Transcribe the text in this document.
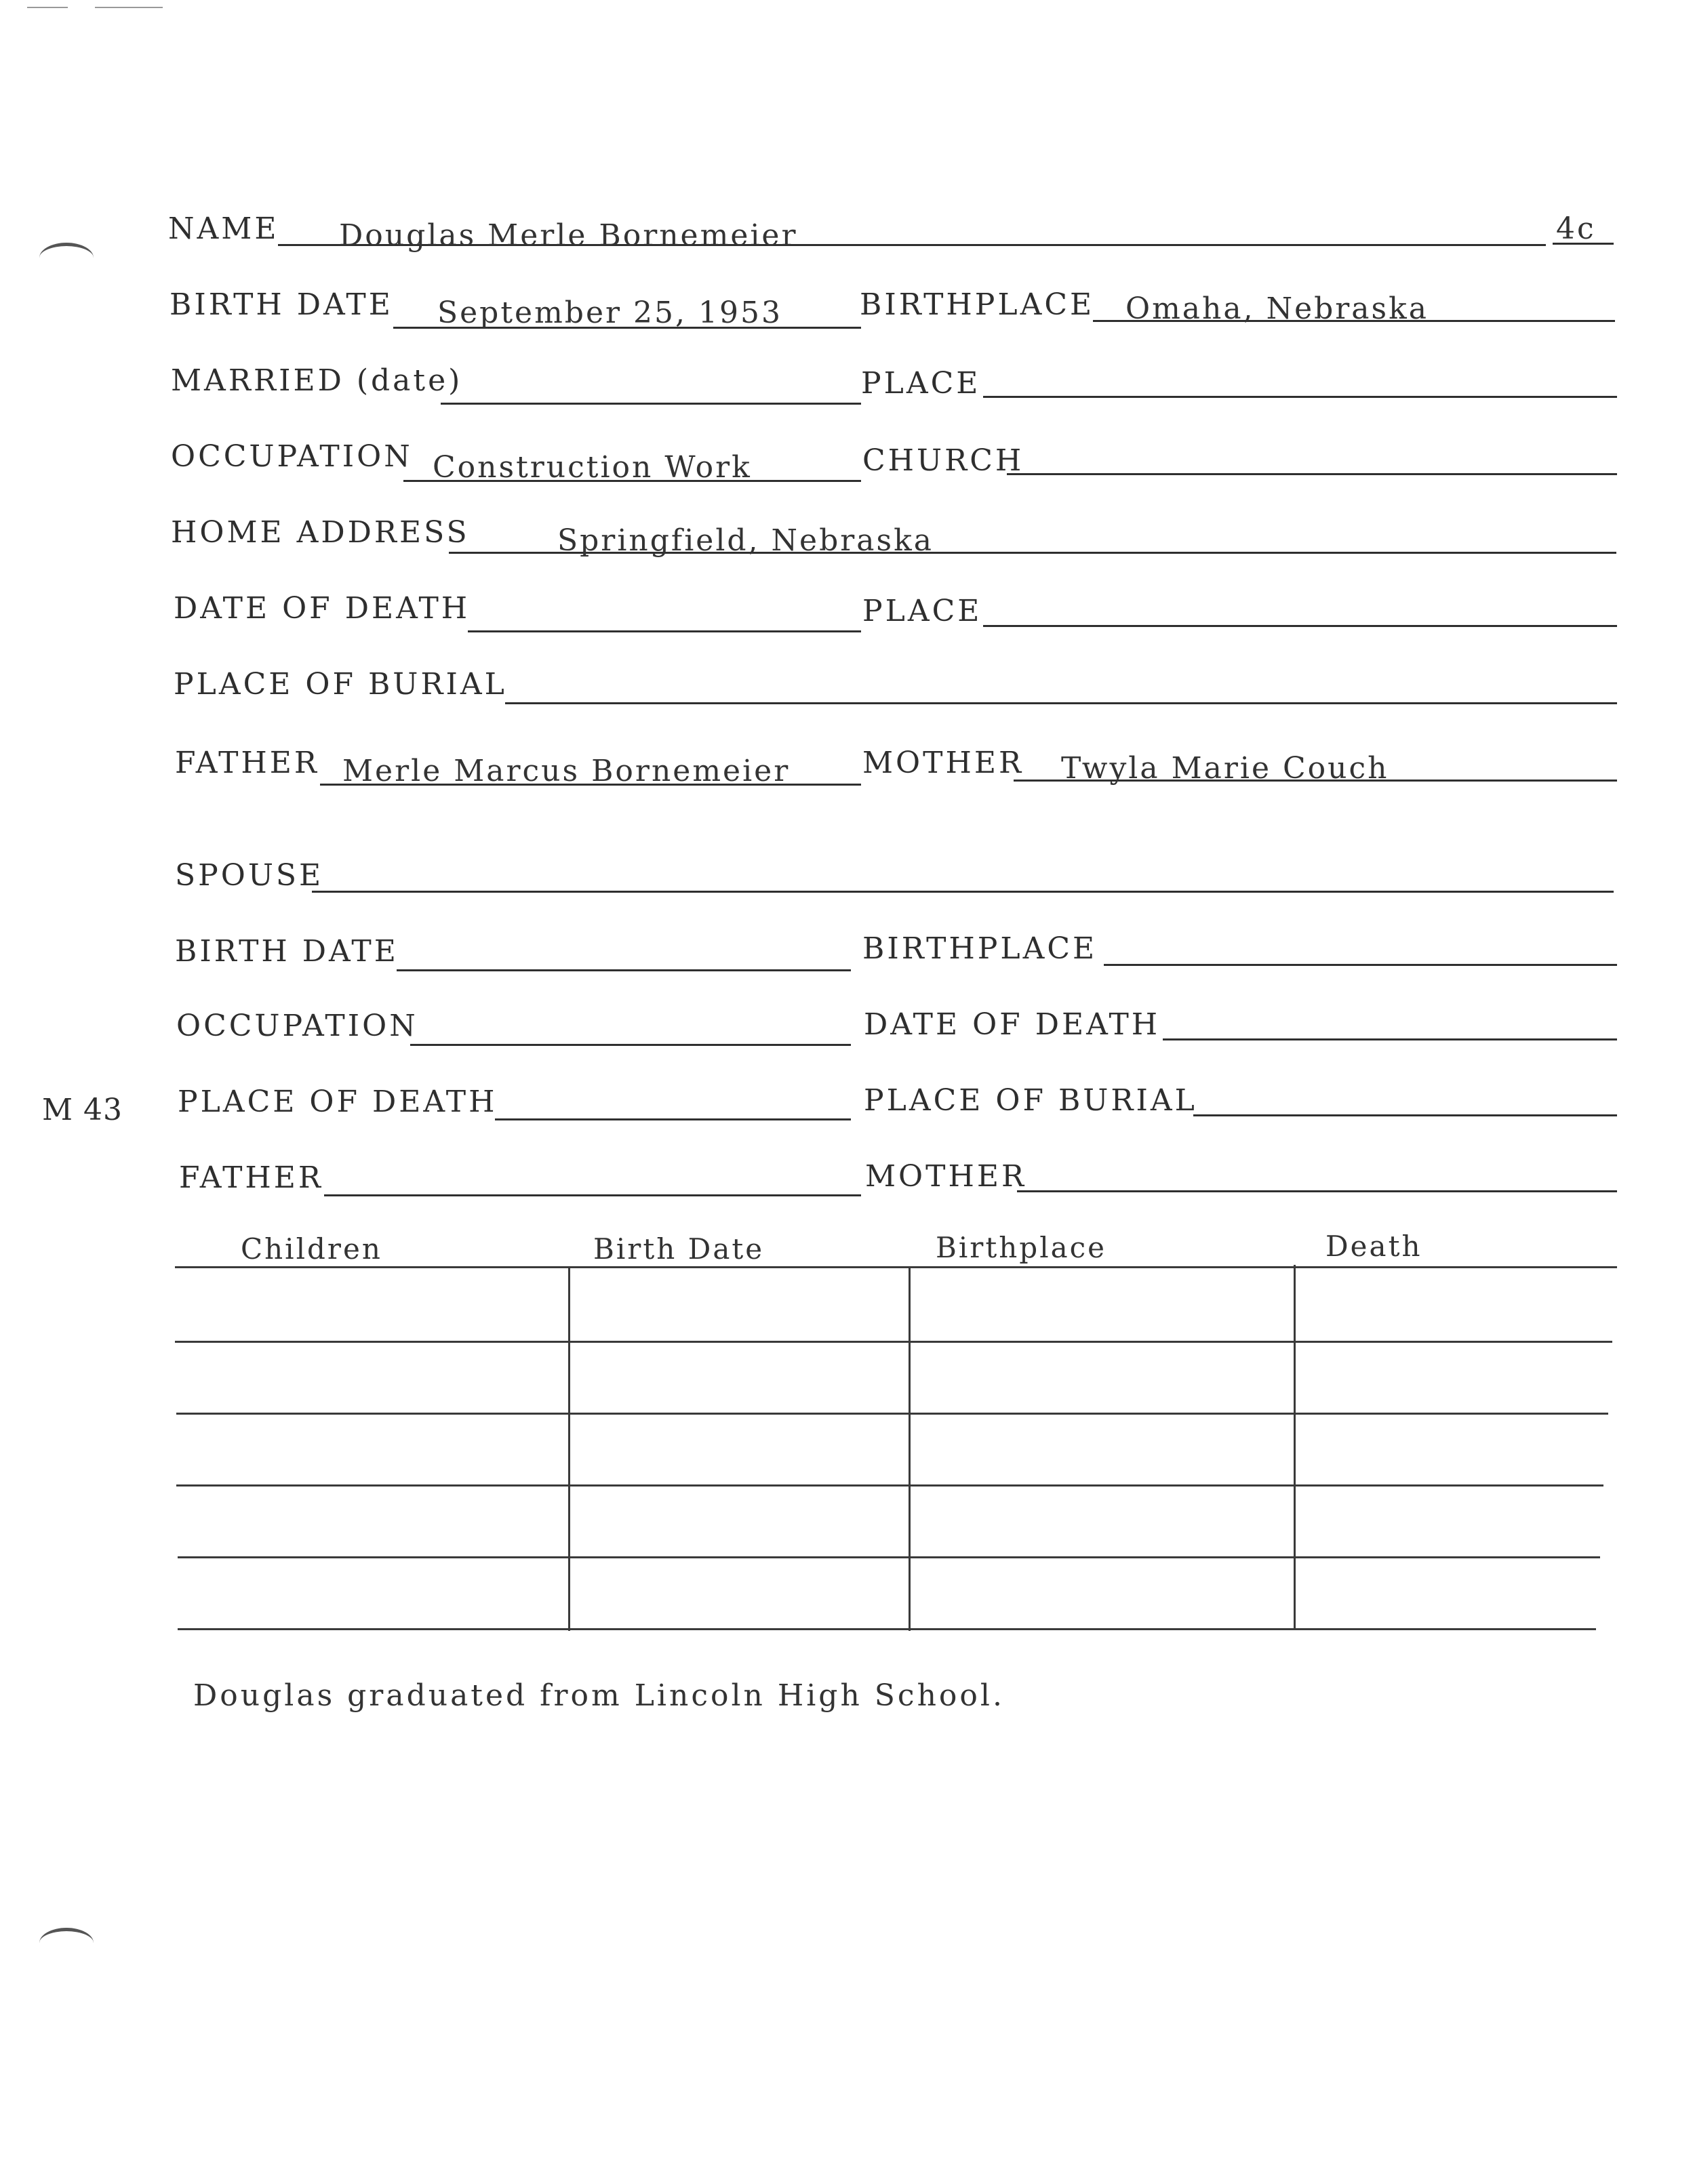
4c
M 43
NAME Douglas Merle Bornemeier
BIRTH DATE September 25, 1953	BIRTHPLACE Omaha, Nebraska
MARRIED (date)	PLACE
OCCUPATION Construction Work	CHURCH
HOME ADDRESS	Springfield, Nebraska
DATE OF DEATH	PLACE
PLACE OF BURIAL
FATHER Merle Marcus Bornemeier MOTHER Twyla Marie Couch
SPOUSE
BIRTH DATE	BIRTHPLACE
OCCUPATION	DATE OF DEATH
PLACE OF DEATH	PLACE OF BURIAL
FATHER	MOTHER
Children	Birth Date	Birthplace	Death
Douglas graduated from Lincoln High School.
